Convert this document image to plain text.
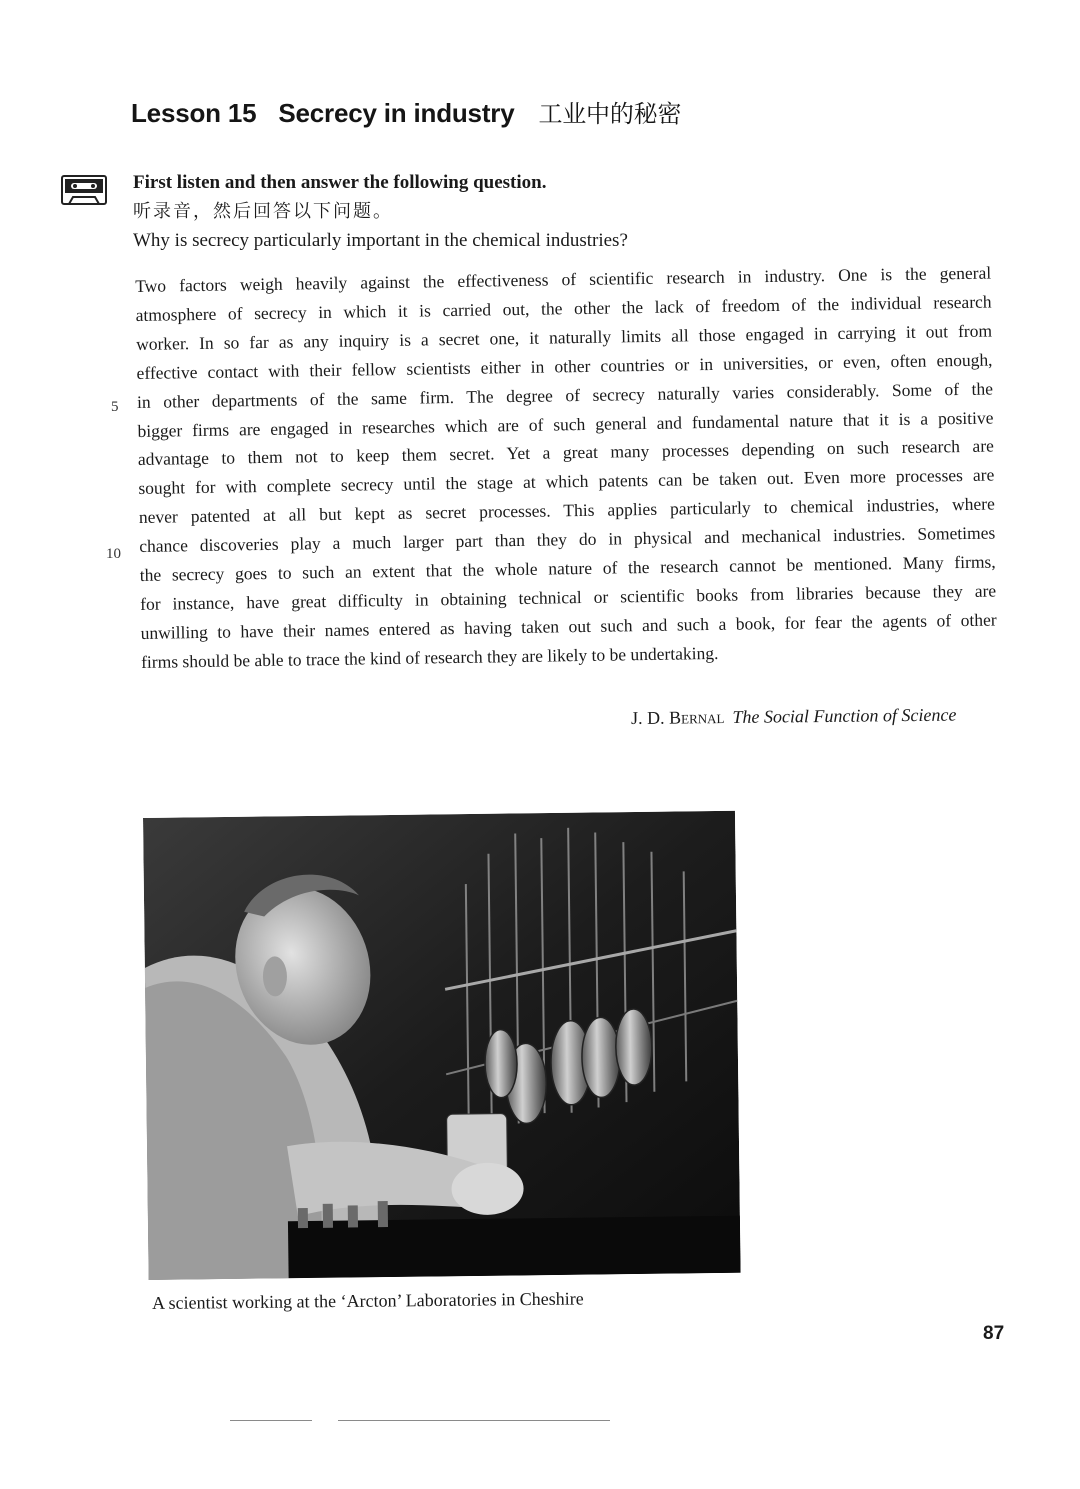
Lesson 15 Secrecy in industry 工业中的秘密
First listen and then answer the following question.
听录音，然后回答以下问题。
Why is secrecy particularly important in the chemical industries?
Two factors weigh heavily against the effectiveness of scientific research in industry. One is the general
atmosphere of secrecy in which it is carried out, the other the lack of freedom of the individual research
worker. In so far as any inquiry is a secret one, it naturally limits all those engaged in carrying it out from
effective contact with their fellow scientists either in other countries or in universities, or even, often enough,
in other departments of the same firm. The degree of secrecy naturally varies considerably. Some of the
bigger firms are engaged in researches which are of such general and fundamental nature that it is a positive
advantage to them not to keep them secret. Yet a great many processes depending on such research are
sought for with complete secrecy until the stage at which patents can be taken out. Even more processes are
never patented at all but kept as secret processes. This applies particularly to chemical industries, where
chance discoveries play a much larger part than they do in physical and mechanical industries. Sometimes
the secrecy goes to such an extent that the whole nature of the research cannot be mentioned. Many firms,
for instance, have great difficulty in obtaining technical or scientific books from libraries because they are
unwilling to have their names entered as having taken out such and such a book, for fear the agents of other
firms should be able to trace the kind of research they are likely to be undertaking.
5
10
J. D. Bernal The Social Function of Science
A scientist working at the ‘Arcton’ Laboratories in Cheshire
87
